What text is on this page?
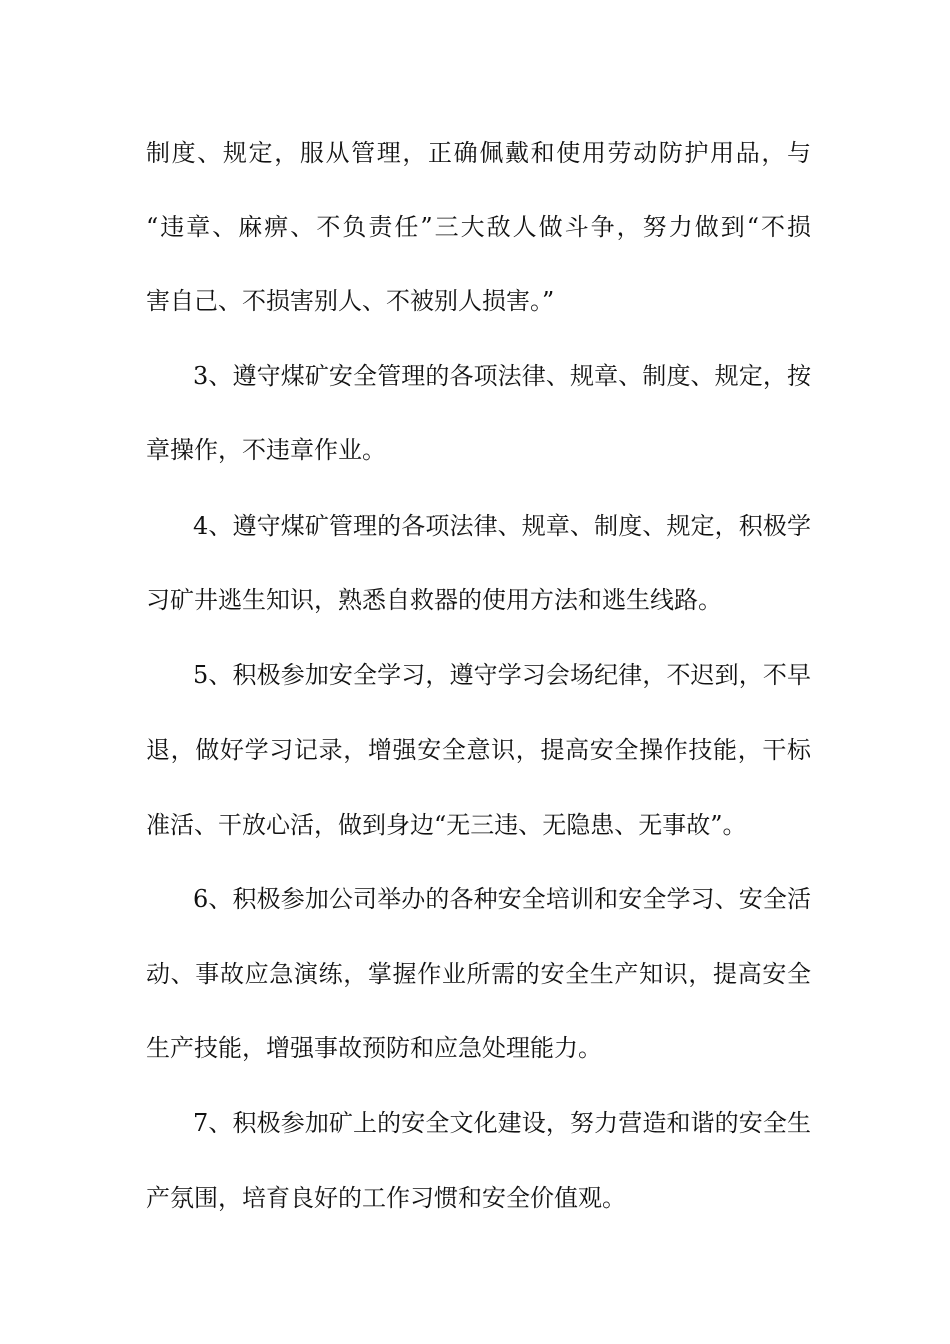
制度、规定，服从管理，正确佩戴和使用劳动防护用品，与
“违章、麻痹、不负责任”三大敌人做斗争，努力做到“不损
害自己、不损害别人、不被别人损害。”
3、遵守煤矿安全管理的各项法律、规章、制度、规定，按
章操作，不违章作业。
4、遵守煤矿管理的各项法律、规章、制度、规定，积极学
习矿井逃生知识，熟悉自救器的使用方法和逃生线路。
5、积极参加安全学习，遵守学习会场纪律，不迟到，不早
退，做好学习记录，增强安全意识，提高安全操作技能，干标
准活、干放心活，做到身边“无三违、无隐患、无事故”。
6、积极参加公司举办的各种安全培训和安全学习、安全活
动、事故应急演练，掌握作业所需的安全生产知识，提高安全
生产技能，增强事故预防和应急处理能力。
7、积极参加矿上的安全文化建设，努力营造和谐的安全生
产氛围，培育良好的工作习惯和安全价值观。
